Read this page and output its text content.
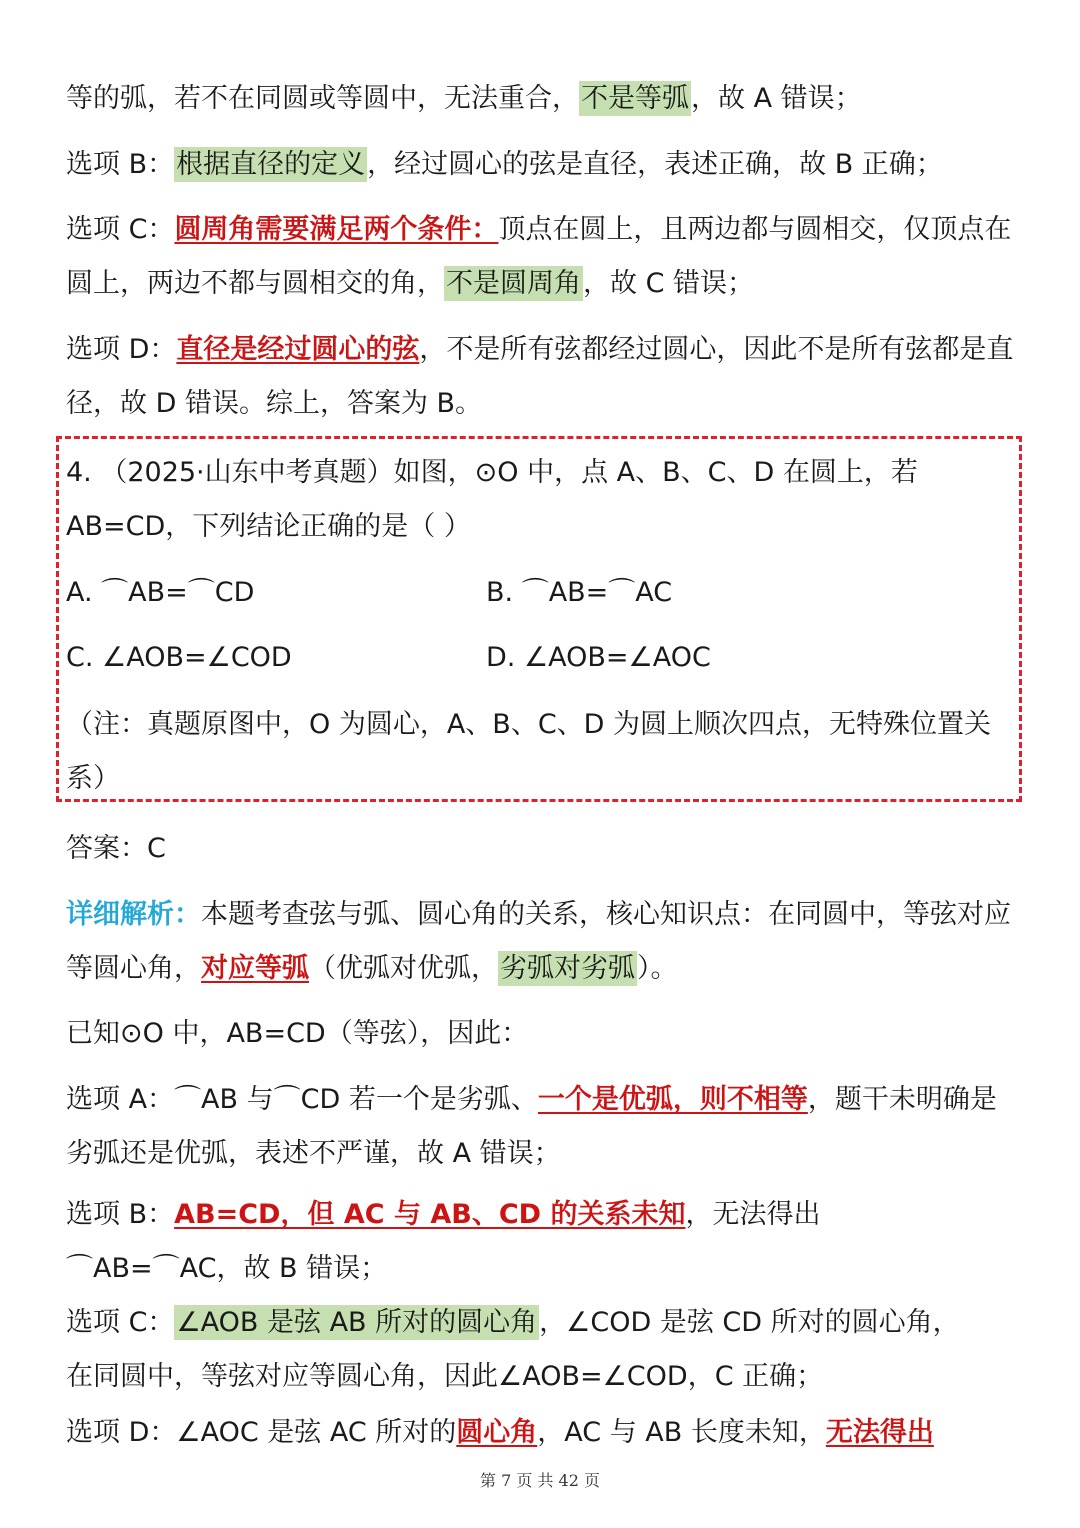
等的弧，若不在同圆或等圆中，无法重合，不是等弧，故 A 错误；

选项 B：根据直径的定义，经过圆心的弦是直径，表述正确，故 B 正确；

选项 C：圆周角需要满足两个条件：顶点在圆上，且两边都与圆相交，仅顶点在圆上，两边不都与圆相交的角，不是圆周角，故 C 错误；

选项 D：直径是经过圆心的弦，不是所有弦都经过圆心，因此不是所有弦都是直径，故 D 错误。综上，答案为 B。

4. （2025·山东中考真题）如图，⊙O 中，点 A、B、C、D 在圆上，若 AB=CD，下列结论正确的是（ ）

A. ⌒AB=⌒CD	B. ⌒AB=⌒AC
C. ∠AOB=∠COD	D. ∠AOB=∠AOC

（注：真题原图中，O 为圆心，A、B、C、D 为圆上顺次四点，无特殊位置关系）

答案：C

详细解析：本题考查弦与弧、圆心角的关系，核心知识点：在同圆中，等弦对应等圆心角，对应等弧（优弧对优弧，劣弧对劣弧）。

已知⊙O 中，AB=CD（等弦），因此：

选项 A：⌒AB 与⌒CD 若一个是劣弧、一个是优弧，则不相等，题干未明确是劣弧还是优弧，表述不严谨，故 A 错误；

选项 B：AB=CD，但 AC 与 AB、CD 的关系未知，无法得出
⌒AB=⌒AC，故 B 错误；

选项 C：∠AOB 是弦 AB 所对的圆心角，∠COD 是弦 CD 所对的圆心角，
在同圆中，等弦对应等圆心角，因此∠AOB=∠COD，C 正确；

选项 D：∠AOC 是弦 AC 所对的圆心角，AC 与 AB 长度未知，无法得出

第 7 页 共 42 页
